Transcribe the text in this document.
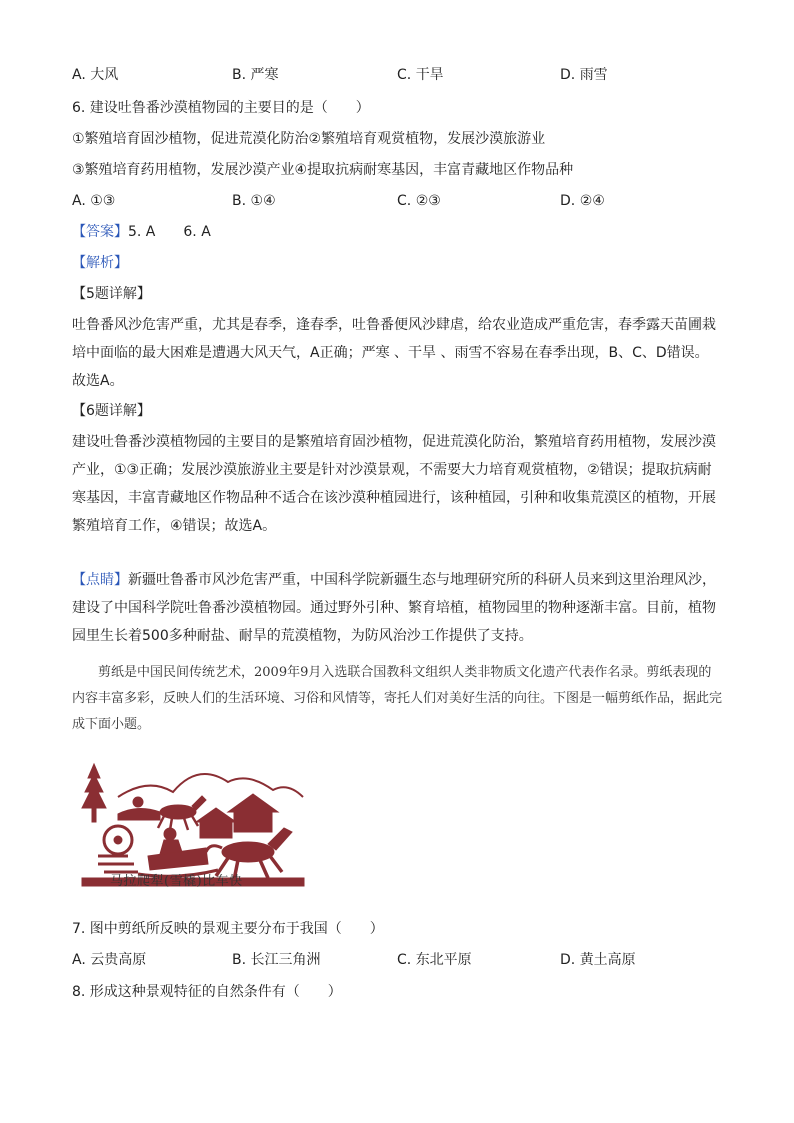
A. 大风	B. 严寒	C. 干旱	D. 雨雪
6. 建设吐鲁番沙漠植物园的主要目的是（　　）
①繁殖培育固沙植物，促进荒漠化防治②繁殖培育观赏植物，发展沙漠旅游业
③繁殖培育药用植物，发展沙漠产业④提取抗病耐寒基因，丰富青藏地区作物品种
A. ①③	B. ①④	C. ②③	D. ②④
【答案】5. A　　6. A
【解析】
【5题详解】
吐鲁番风沙危害严重，尤其是春季，逢春季，吐鲁番便风沙肆虐，给农业造成严重危害，春季露天苗圃栽培中面临的最大困难是遭遇大风天气，A正确；严寒 、干旱 、雨雪不容易在春季出现，B、C、D错误。故选A。
【6题详解】
建设吐鲁番沙漠植物园的主要目的是繁殖培育固沙植物，促进荒漠化防治，繁殖培育药用植物，发展沙漠产业，①③正确；发展沙漠旅游业主要是针对沙漠景观，不需要大力培育观赏植物，②错误；提取抗病耐寒基因，丰富青藏地区作物品种不适合在该沙漠种植园进行，该种植园，引种和收集荒漠区的植物，开展繁殖培育工作，④错误；故选A。
【点睛】新疆吐鲁番市风沙危害严重，中国科学院新疆生态与地理研究所的科研人员来到这里治理风沙，建设了中国科学院吐鲁番沙漠植物园。通过野外引种、繁育培植，植物园里的物种逐渐丰富。目前，植物园里生长着500多种耐盐、耐旱的荒漠植物，为防风治沙工作提供了支持。
剪纸是中国民间传统艺术，2009年9月入选联合国教科文组织人类非物质文化遗产代表作名录。剪纸表现的内容丰富多彩，反映人们的生活环境、习俗和风情等，寄托人们对美好生活的向往。下图是一幅剪纸作品，据此完成下面小题。
马拉爬犁(雪橇)比车快
7. 图中剪纸所反映的景观主要分布于我国（　　）
A. 云贵高原	B. 长江三角洲	C. 东北平原	D. 黄土高原
8. 形成这种景观特征的自然条件有（　　）
